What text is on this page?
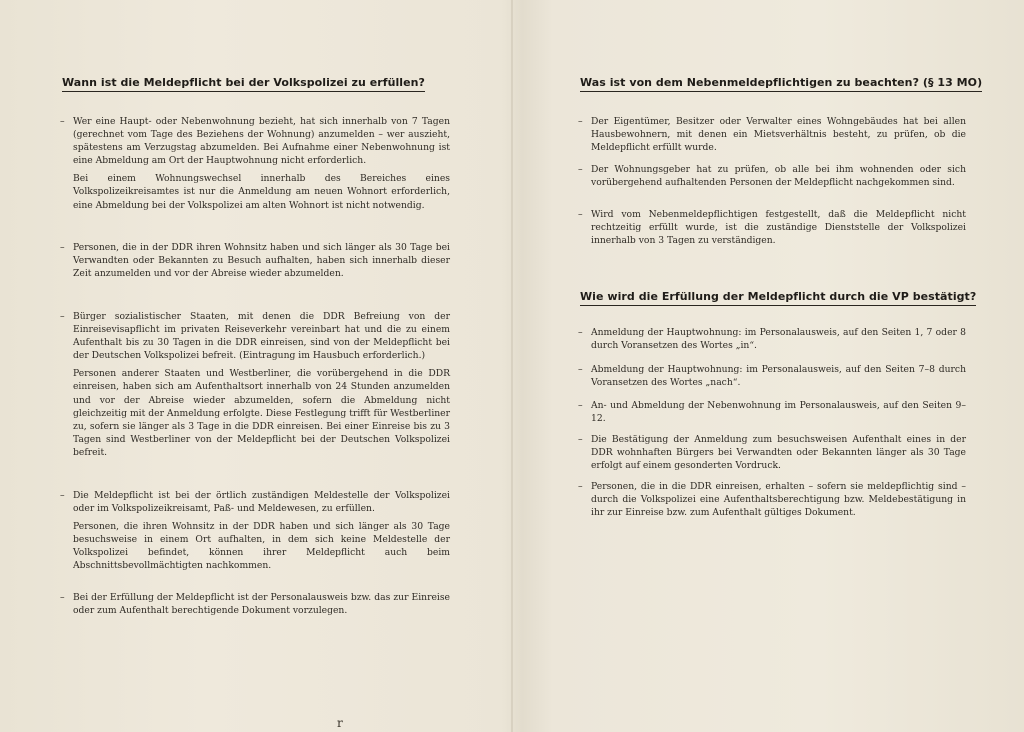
Wann ist die Meldepflicht bei der Volkspolizei zu erfüllen?
– Wer eine Haupt- oder Nebenwohnung bezieht, hat sich innerhalb von 7 Tagen (gerechnet vom Tage des Beziehens der Wohnung) anzumelden – wer auszieht, spätestens am Verzugstag abzumelden. Bei Aufnahme einer Nebenwohnung ist eine Abmeldung am Ort der Hauptwohnung nicht erforderlich.

Bei einem Wohnungswechsel innerhalb des Bereiches eines Volkspolizeikreisamtes ist nur die Anmeldung am neuen Wohnort erforderlich, eine Abmeldung bei der Volkspolizei am alten Wohnort ist nicht notwendig.

– Personen, die in der DDR ihren Wohnsitz haben und sich länger als 30 Tage bei Verwandten oder Bekannten zu Besuch aufhalten, haben sich innerhalb dieser Zeit anzumelden und vor der Abreise wieder abzumelden.

– Bürger sozialistischer Staaten, mit denen die DDR Befreiung von der Einreisevisapflicht im privaten Reiseverkehr vereinbart hat und die zu einem Aufenthalt bis zu 30 Tagen in die DDR einreisen, sind von der Meldepflicht bei der Deutschen Volkspolizei befreit. (Eintragung im Hausbuch erforderlich.)

Personen anderer Staaten und Westberliner, die vorübergehend in die DDR einreisen, haben sich am Aufenthaltsort innerhalb von 24 Stunden anzumelden und vor der Abreise wieder abzumelden, sofern die Abmeldung nicht gleichzeitig mit der Anmeldung erfolgte. Diese Festlegung trifft für Westberliner zu, sofern sie länger als 3 Tage in die DDR einreisen. Bei einer Einreise bis zu 3 Tagen sind Westberliner von der Meldepflicht bei der Deutschen Volkspolizei befreit.

– Die Meldepflicht ist bei der örtlich zuständigen Meldestelle der Volkspolizei oder im Volkspolizeikreisamt, Paß- und Meldewesen, zu erfüllen.

Personen, die ihren Wohnsitz in der DDR haben und sich länger als 30 Tage besuchsweise in einem Ort aufhalten, in dem sich keine Meldestelle der Volkspolizei befindet, können ihrer Meldepflicht auch beim Abschnittsbevollmächtigten nachkommen.

– Bei der Erfüllung der Meldepflicht ist der Personalausweis bzw. das zur Einreise oder zum Aufenthalt berechtigende Dokument vorzulegen.

Was ist von dem Nebenmeldepflichtigen zu beachten? (§ 13 MO)
– Der Eigentümer, Besitzer oder Verwalter eines Wohngebäudes hat bei allen Hausbewohnern, mit denen ein Mietsverhältnis besteht, zu prüfen, ob die Meldepflicht erfüllt wurde.

– Der Wohnungsgeber hat zu prüfen, ob alle bei ihm wohnenden oder sich vorübergehend aufhaltenden Personen der Meldepflicht nachgekommen sind.

– Wird vom Nebenmeldepflichtigen festgestellt, daß die Meldepflicht nicht rechtzeitig erfüllt wurde, ist die zuständige Dienststelle der Volkspolizei innerhalb von 3 Tagen zu verständigen.

Wie wird die Erfüllung der Meldepflicht durch die VP bestätigt?
– Anmeldung der Hauptwohnung: im Personalausweis, auf den Seiten 1, 7 oder 8 durch Voransetzen des Wortes „in“.

– Abmeldung der Hauptwohnung: im Personalausweis, auf den Seiten 7–8 durch Voransetzen des Wortes „nach“.

– An- und Abmeldung der Nebenwohnung im Personalausweis, auf den Seiten 9–12.

– Die Bestätigung der Anmeldung zum besuchsweisen Aufenthalt eines in der DDR wohnhaften Bürgers bei Verwandten oder Bekannten länger als 30 Tage erfolgt auf einem gesonderten Vordruck.

– Personen, die in die DDR einreisen, erhalten – sofern sie meldepflichtig sind – durch die Volkspolizei eine Aufenthaltsberechtigung bzw. Meldebestätigung in ihr zur Einreise bzw. zum Aufenthalt gültiges Dokument.

r
